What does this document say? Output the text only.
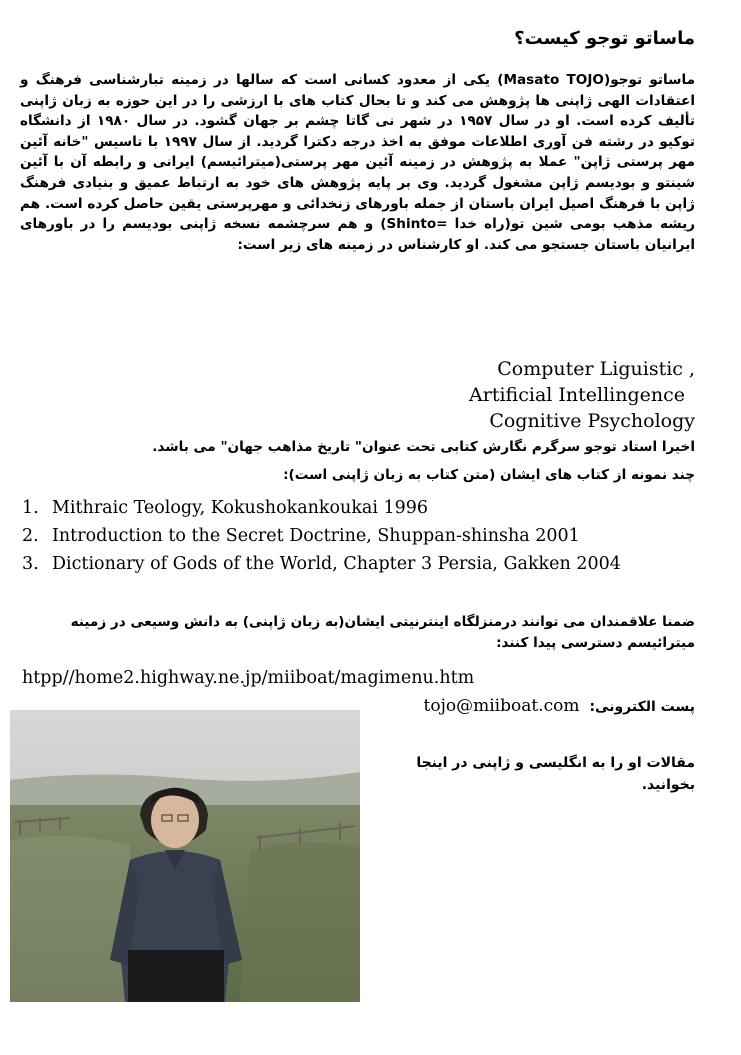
ماساتو توجو کیست؟
ماساتو توجو(Masato TOJO) یکی از معدود کسانی است که سالها در زمینه تبارشناسی فرهنگ و اعتقادات الهی ژاپنی ها پژوهش می کند و تا بحال کتاب های با ارزشی را در این حوزه به زبان ژاپنی تألیف کرده است. او در سال ۱۹۵۷ در شهر نی گاتا چشم بر جهان گشود. در سال ۱۹۸۰ از دانشگاه توکیو در رشته فن آوری اطلاعات موفق به اخذ درجه دکترا گردید. از سال ۱۹۹۷ با تاسیس "خانه آئین مهر پرستی ژاپن" عملا به پژوهش در زمینه آئین مهر پرستی(میترائیسم) ایرانی و رابطه آن با آئین شینتو و بودیسم ژاپن مشغول گردید. وی بر پایه پژوهش های خود به ارتباط عمیق و بنیادی فرهنگ ژاپن با فرهنگ اصیل ایران باستان از جمله باورهای زنخدائی و مهرپرستی یقین حاصل کرده است. هم ریشه مذهب بومی شین تو(راه خدا =Shinto) و هم سرچشمه نسخه ژاپنی بودیسم را در باورهای ایرانیان باستان جستجو می کند. او کارشناس در زمینه های زیر است:
Computer Liguistic ,
Artificial Intellingence
Cognitive Psychology
اخیرا استاد توجو سرگرم نگارش کتابی تحت عنوان" تاریخ مذاهب جهان" می باشد.
چند نمونه از کتاب های ایشان (متن کتاب به زبان ژاپنی است):
1. Mithraic Teology, Kokushokankoukai 1996
2. Introduction to the Secret Doctrine, Shuppan-shinsha 2001
3. Dictionary of Gods of the World, Chapter 3 Persia, Gakken 2004
ضمنا علاقمندان می توانند درمنزلگاه اینترنیتی ایشان(به زبان ژاپنی) به دانش وسیعی در زمینه میترائیسم دسترسی پیدا کنند:
htpp//home2.highway.ne.jp/miiboat/magimenu.htm
پست الکترونی:
tojo@miiboat.com
مقالات او را به انگلیسی و ژاپنی در اینجا بخوانید.
